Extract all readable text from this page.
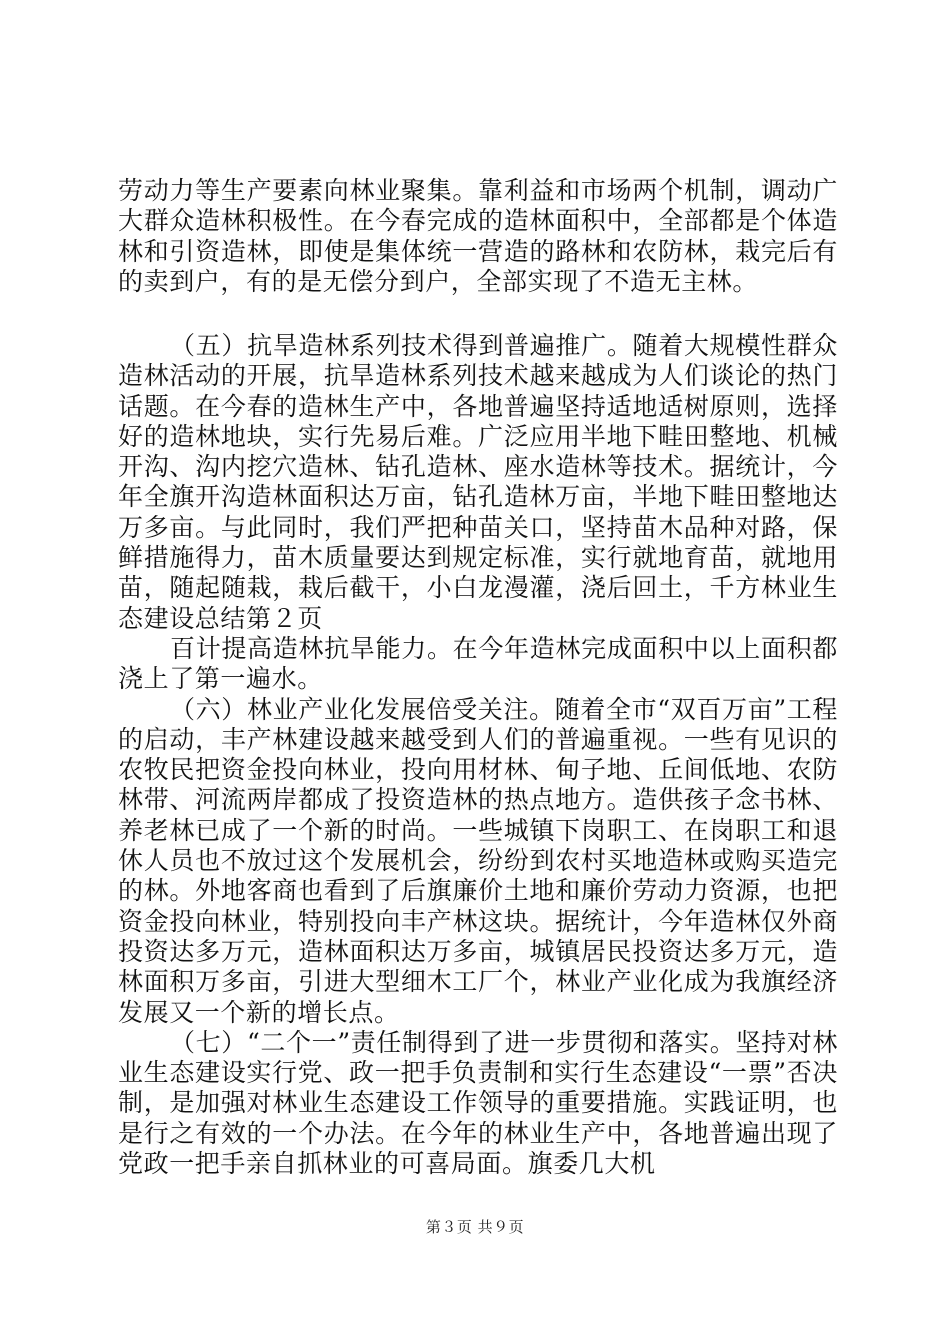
劳动力等生产要素向林业聚集。靠利益和市场两个机制，调动广大群众造林积极性。在今春完成的造林面积中，全部都是个体造林和引资造林，即使是集体统一营造的路林和农防林，栽完后有的卖到户，有的是无偿分到户，全部实现了不造无主林。

（五）抗旱造林系列技术得到普遍推广。随着大规模性群众造林活动的开展，抗旱造林系列技术越来越成为人们谈论的热门话题。在今春的造林生产中，各地普遍坚持适地适树原则，选择好的造林地块，实行先易后难。广泛应用半地下畦田整地、机械开沟、沟内挖穴造林、钻孔造林、座水造林等技术。据统计，今年全旗开沟造林面积达万亩，钻孔造林万亩，半地下畦田整地达万多亩。与此同时，我们严把种苗关口，坚持苗木品种对路，保鲜措施得力，苗木质量要达到规定标准，实行就地育苗，就地用苗，随起随栽，栽后截干，小白龙漫灌，浇后回土，千方林业生态建设总结第２页

百计提高造林抗旱能力。在今年造林完成面积中以上面积都浇上了第一遍水。

（六）林业产业化发展倍受关注。随着全市“双百万亩”工程的启动，丰产林建设越来越受到人们的普遍重视。一些有见识的农牧民把资金投向林业，投向用材林、甸子地、丘间低地、农防林带、河流两岸都成了投资造林的热点地方。造供孩子念书林、养老林已成了一个新的时尚。一些城镇下岗职工、在岗职工和退休人员也不放过这个发展机会，纷纷到农村买地造林或购买造完的林。外地客商也看到了后旗廉价土地和廉价劳动力资源，也把资金投向林业，特别投向丰产林这块。据统计，今年造林仅外商投资达多万元，造林面积达万多亩，城镇居民投资达多万元，造林面积万多亩，引进大型细木工厂个，林业产业化成为我旗经济发展又一个新的增长点。

（七）“二个一”责任制得到了进一步贯彻和落实。坚持对林业生态建设实行党、政一把手负责制和实行生态建设“一票”否决制，是加强对林业生态建设工作领导的重要措施。实践证明，也是行之有效的一个办法。在今年的林业生产中，各地普遍出现了党政一把手亲自抓林业的可喜局面。旗委几大机

第３页 共９页
